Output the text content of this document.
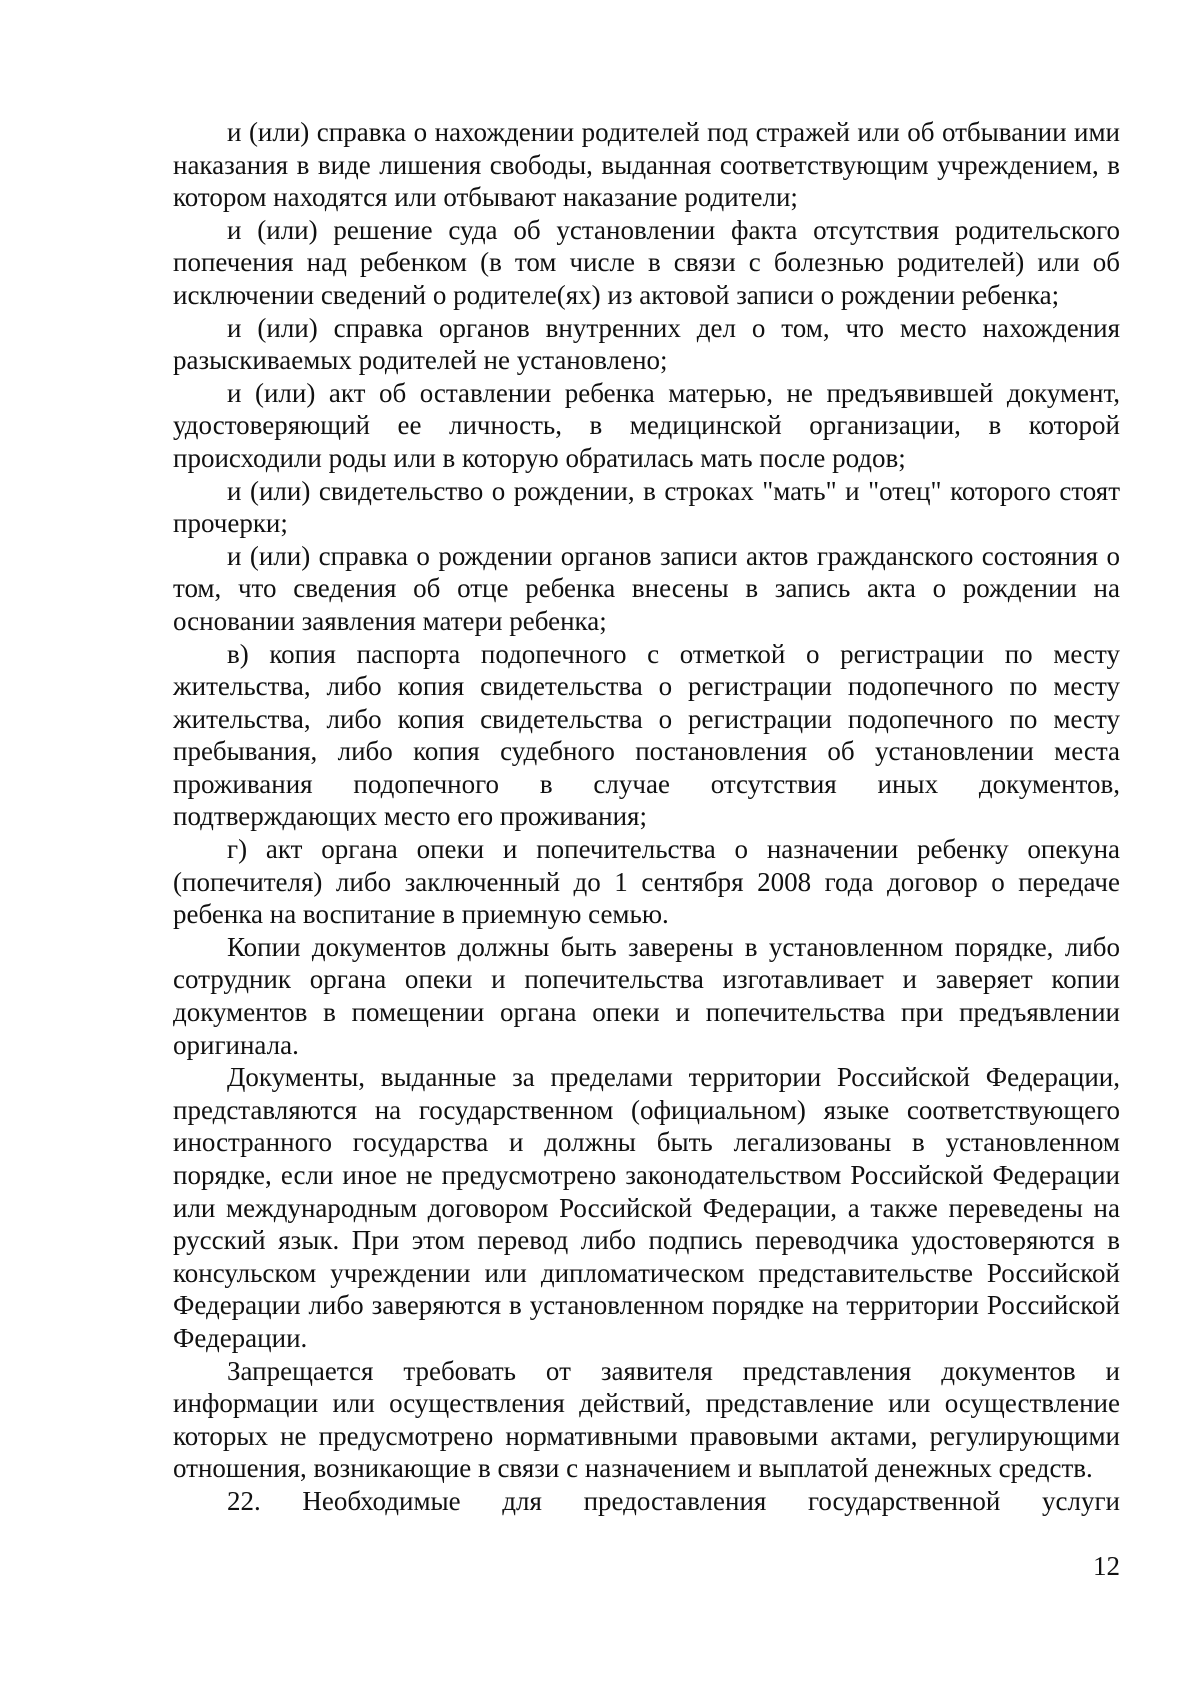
и (или) справка о нахождении родителей под стражей или об отбывании ими наказания в виде лишения свободы, выданная соответствующим учреждением, в котором находятся или отбывают наказание родители;

и (или) решение суда об установлении факта отсутствия родительского попечения над ребенком (в том числе в связи с болезнью родителей) или об исключении сведений о родителе(ях) из актовой записи о рождении ребенка;

и (или) справка органов внутренних дел о том, что место нахождения разыскиваемых родителей не установлено;

и (или) акт об оставлении ребенка матерью, не предъявившей документ, удостоверяющий ее личность, в медицинской организации, в которой происходили роды или в которую обратилась мать после родов;

и (или) свидетельство о рождении, в строках "мать" и "отец" которого стоят прочерки;

и (или) справка о рождении органов записи актов гражданского состояния о том, что сведения об отце ребенка внесены в запись акта о рождении на основании заявления матери ребенка;

в) копия паспорта подопечного с отметкой о регистрации по месту жительства, либо копия свидетельства о регистрации подопечного по месту жительства, либо копия свидетельства о регистрации подопечного по месту пребывания, либо копия судебного постановления об установлении места проживания подопечного в случае отсутствия иных документов, подтверждающих место его проживания;

г) акт органа опеки и попечительства о назначении ребенку опекуна (попечителя) либо заключенный до 1 сентября 2008 года договор о передаче ребенка на воспитание в приемную семью.

Копии документов должны быть заверены в установленном порядке, либо сотрудник органа опеки и попечительства изготавливает и заверяет копии документов в помещении органа опеки и попечительства при предъявлении оригинала.

Документы, выданные за пределами территории Российской Федерации, представляются на государственном (официальном) языке соответствующего иностранного государства и должны быть легализованы в установленном порядке, если иное не предусмотрено законодательством Российской Федерации или международным договором Российской Федерации, а также переведены на русский язык. При этом перевод либо подпись переводчика удостоверяются в консульском учреждении или дипломатическом представительстве Российской Федерации либо заверяются в установленном порядке на территории Российской Федерации.

Запрещается требовать от заявителя представления документов и информации или осуществления действий, представление или осуществление которых не предусмотрено нормативными правовыми актами, регулирующими отношения, возникающие в связи с назначением и выплатой денежных средств.

22. Необходимые для предоставления государственной услуги

12
